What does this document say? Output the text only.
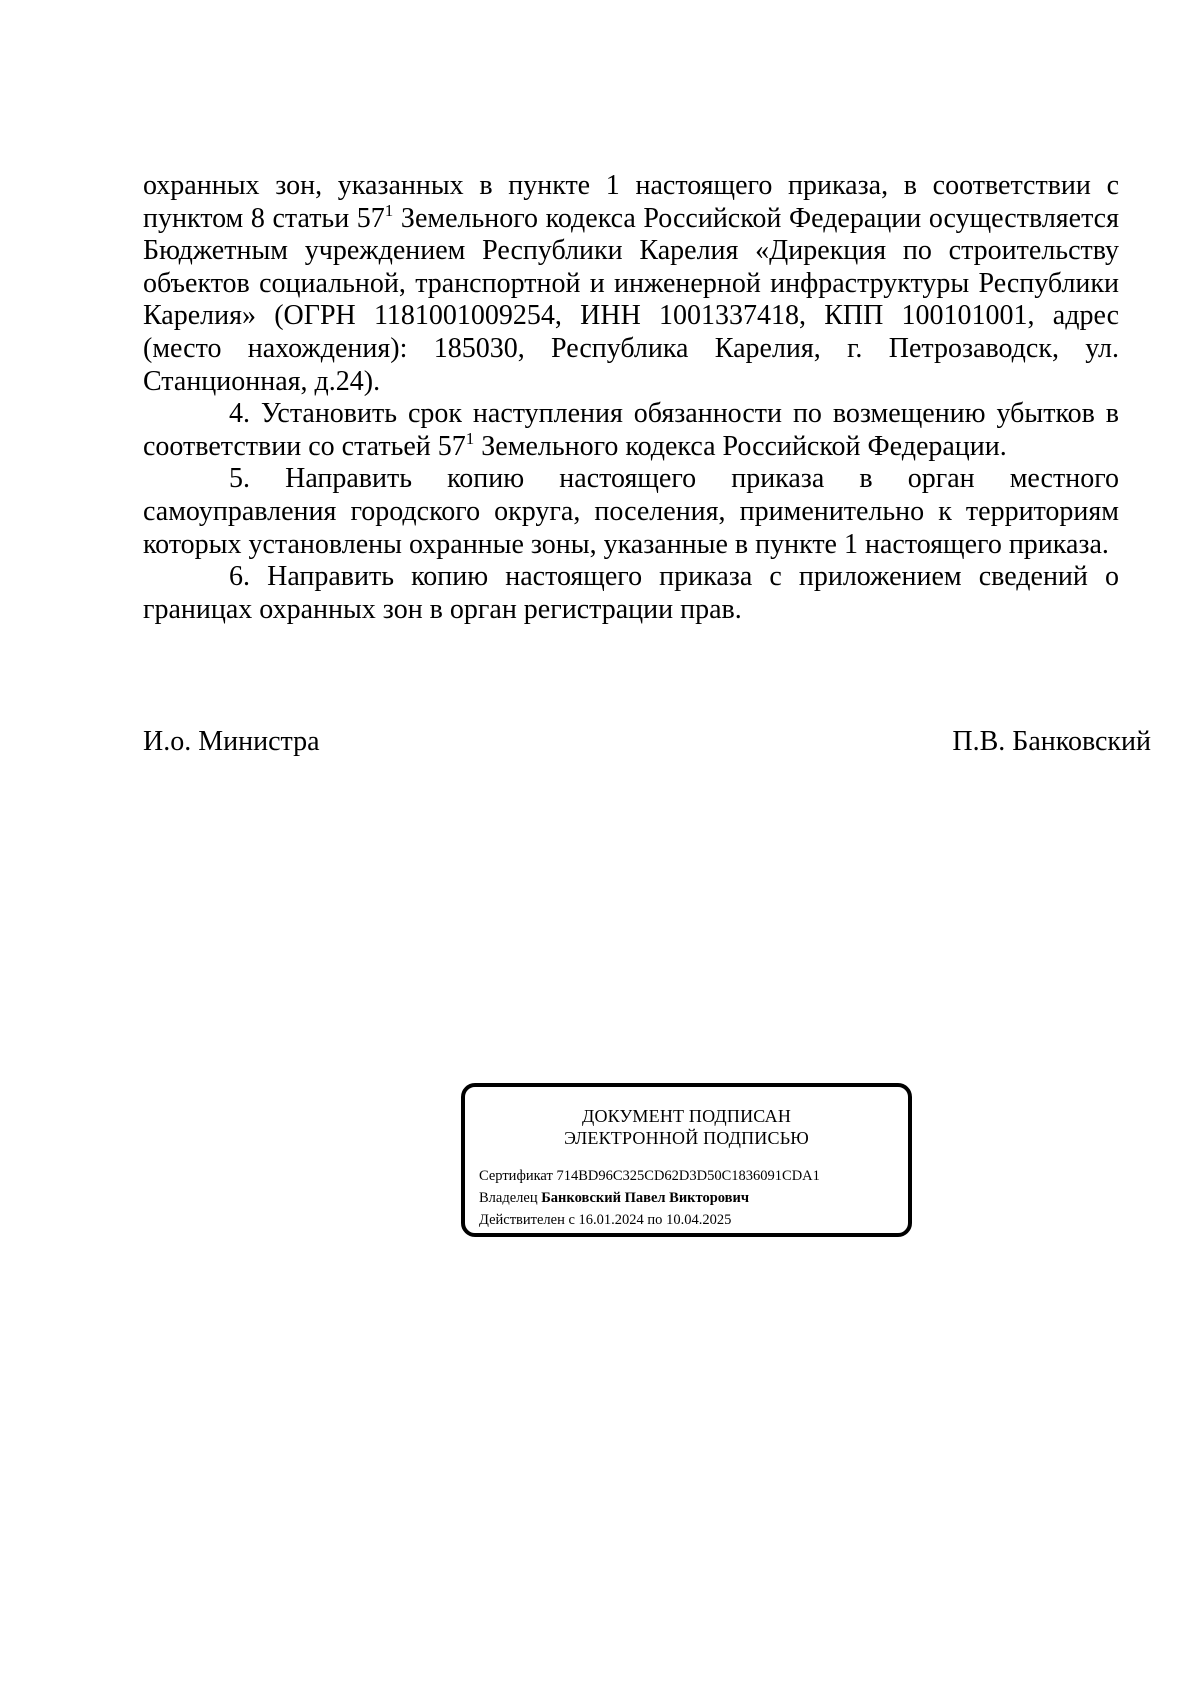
охранных зон, указанных в пункте 1 настоящего приказа, в соответствии с пунктом 8 статьи $57^1$ Земельного кодекса Российской Федерации осуществляется Бюджетным учреждением Республики Карелия «Дирекция по строительству объектов социальной, транспортной и инженерной инфраструктуры Республики Карелия» (ОГРН 1181001009254, ИНН 1001337418, КПП 100101001, адрес (место нахождения): 185030, Республика Карелия, г. Петрозаводск, ул. Станционная, д.24).

4. Установить срок наступления обязанности по возмещению убытков в соответствии со статьей $57^1$ Земельного кодекса Российской Федерации.

5. Направить копию настоящего приказа в орган местного самоуправления городского округа, поселения, применительно к территориям которых установлены охранные зоны, указанные в пункте 1 настоящего приказа.

6. Направить копию настоящего приказа с приложением сведений о границах охранных зон в орган регистрации прав.

И.о. Министра	П.В. Банковский
ДОКУМЕНТ ПОДПИСАН
ЭЛЕКТРОННОЙ ПОДПИСЬЮ
Сертификат 714BD96C325CD62D3D50C1836091CDA1
Владелец Банковский Павел Викторович
Действителен с 16.01.2024 по 10.04.2025
